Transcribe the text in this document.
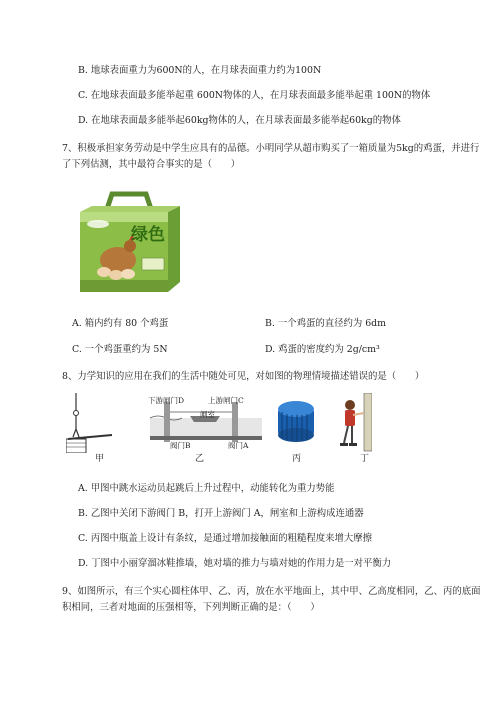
B. 地球表面重力为600N的人，在月球表面重力约为100N
C. 在地球表面最多能举起重 600N物体的人，在月球表面最多能举起重 100N的物体
D. 在地球表面最多能举起60kg物体的人，在月球表面最多能举起60kg的物体
7、积极承担家务劳动是中学生应具有的品德。小明同学从超市购买了一箱质量为5kg的鸡蛋，并进行
了下列估测，其中最符合事实的是（　　）
绿色
A. 箱内约有 80 个鸡蛋	B. 一个鸡蛋的直径约为 6dm
C. 一个鸡蛋重约为 5N	D. 鸡蛋的密度约为 2g/cm³
8、力学知识的应用在我们的生活中随处可见，对如图的物理情境描述错误的是（　　）
甲
下游闸门D	上游闸门C
闸室
阀门B	阀门A
乙	丙	丁
A. 甲图中跳水运动员起跳后上升过程中，动能转化为重力势能
B. 乙图中关闭下游阀门 B，打开上游阀门 A，闸室和上游构成连通器
C. 丙图中瓶盖上设计有条纹，是通过增加接触面的粗糙程度来增大摩擦
D. 丁图中小丽穿溜冰鞋推墙，她对墙的推力与墙对她的作用力是一对平衡力
9、如图所示，有三个实心圆柱体甲、乙、丙，放在水平地面上，其中甲、乙高度相同，乙、丙的底面
积相同，三者对地面的压强相等，下列判断正确的是：（　　）
